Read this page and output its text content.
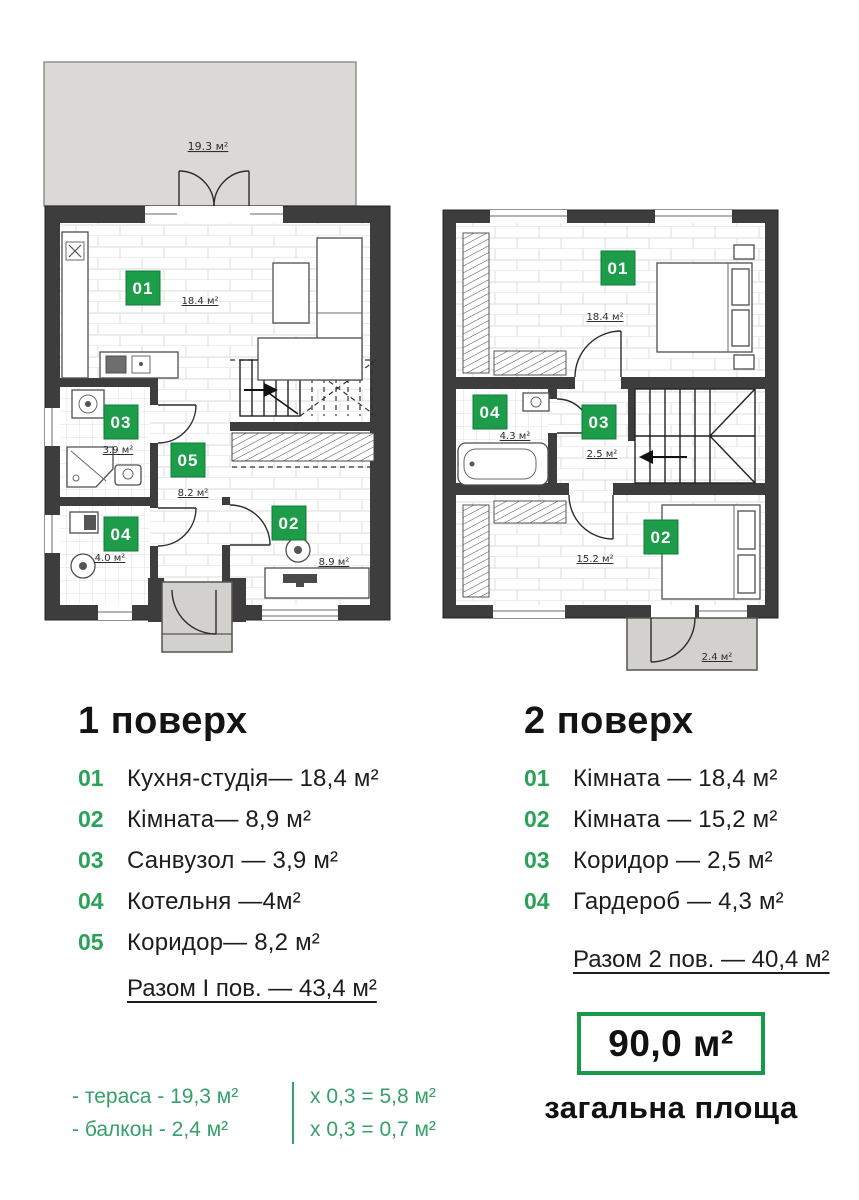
19.3 м²
01
03
05
04
02
18.4 м²
3.9 м²
8.2 м²
4.0 м²	8.9 м²
2.4 м²
01
04
03
02
18.4 м²
4.3 м²
2.5 м²
15.2 м²
1 поверх
01 Кухня-студія— 18,4 м²
02 Кімната— 8,9 м²
03 Санвузол — 3,9 м²
04 Котельня —4м²
05 Коридор— 8,2 м²
Разом І пов. — 43,4 м²
2 поверх
01 Кімната — 18,4 м²
02 Кімната — 15,2 м²
03 Коридор — 2,5 м²
04 Гардероб — 4,3 м²
Разом 2 пов. — 40,4 м²
90,0 м²
загальна площа
- тераса - 19,3 м²
- балкон - 2,4 м²
х 0,3 = 5,8 м²
х 0,3 = 0,7 м²
